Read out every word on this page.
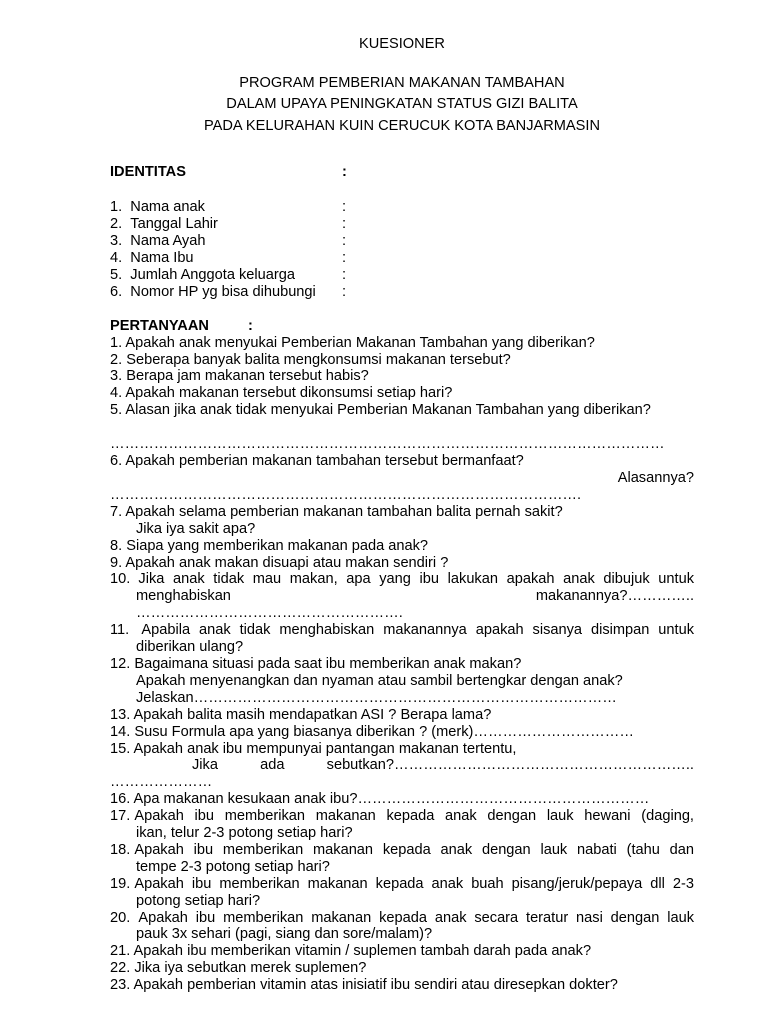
KUESIONER
PROGRAM PEMBERIAN MAKANAN TAMBAHAN
DALAM UPAYA PENINGKATAN STATUS GIZI BALITA
PADA KELURAHAN KUIN CERUCUK KOTA BANJARMASIN
IDENTITAS	:
1. Nama anak	:
2. Tanggal Lahir	:
3. Nama Ayah	:
4. Nama Ibu	:
5. Jumlah Anggota keluarga	:
6. Nomor HP yg bisa dihubungi :
PERTANYAAN	:
1. Apakah anak menyukai Pemberian Makanan Tambahan yang diberikan?
2. Seberapa banyak balita mengkonsumsi makanan tersebut?
3. Berapa jam makanan tersebut habis?
4. Apakah makanan tersebut dikonsumsi setiap hari?
5. Alasan jika anak tidak menyukai Pemberian Makanan Tambahan yang diberikan?
……………………………………………………………………………………………………
6. Apakah pemberian makanan tambahan tersebut bermanfaat?
Alasannya?
…………………………………………………………………………………….
7. Apakah selama pemberian makanan tambahan balita pernah sakit?
Jika iya sakit apa?
8. Siapa yang memberikan makanan pada anak?
9. Apakah anak makan disuapi atau makan sendiri ?
10. Jika anak tidak mau makan, apa yang ibu lakukan apakah anak dibujuk untuk
menghabiskan	makanannya?…………..
……………………………………………….
11. Apabila anak tidak menghabiskan makanannya apakah sisanya disimpan untuk
diberikan ulang?
12. Bagaimana situasi pada saat ibu memberikan anak makan?
Apakah menyenangkan dan nyaman atau sambil bertengkar dengan anak?
Jelaskan……………………………………………………………………………
13. Apakah balita masih mendapatkan ASI ? Berapa lama?
14. Susu Formula apa yang biasanya diberikan ? (merk)……………………………
15. Apakah anak ibu mempunyai pantangan makanan tertentu,
Jika	ada	sebutkan?……………………………………………………..
…………………
16. Apa makanan kesukaan anak ibu?……………………………………………………
17. Apakah ibu memberikan makanan kepada anak dengan lauk hewani (daging,
ikan, telur 2-3 potong setiap hari?
18. Apakah ibu memberikan makanan kepada anak dengan lauk nabati (tahu dan
tempe 2-3 potong setiap hari?
19. Apakah ibu memberikan makanan kepada anak buah pisang/jeruk/pepaya dll 2-3
potong setiap hari?
20. Apakah ibu memberikan makanan kepada anak secara teratur nasi dengan lauk
pauk 3x sehari (pagi, siang dan sore/malam)?
21. Apakah ibu memberikan vitamin / suplemen tambah darah pada anak?
22. Jika iya sebutkan merek suplemen?
23. Apakah pemberian vitamin atas inisiatif ibu sendiri atau diresepkan dokter?
